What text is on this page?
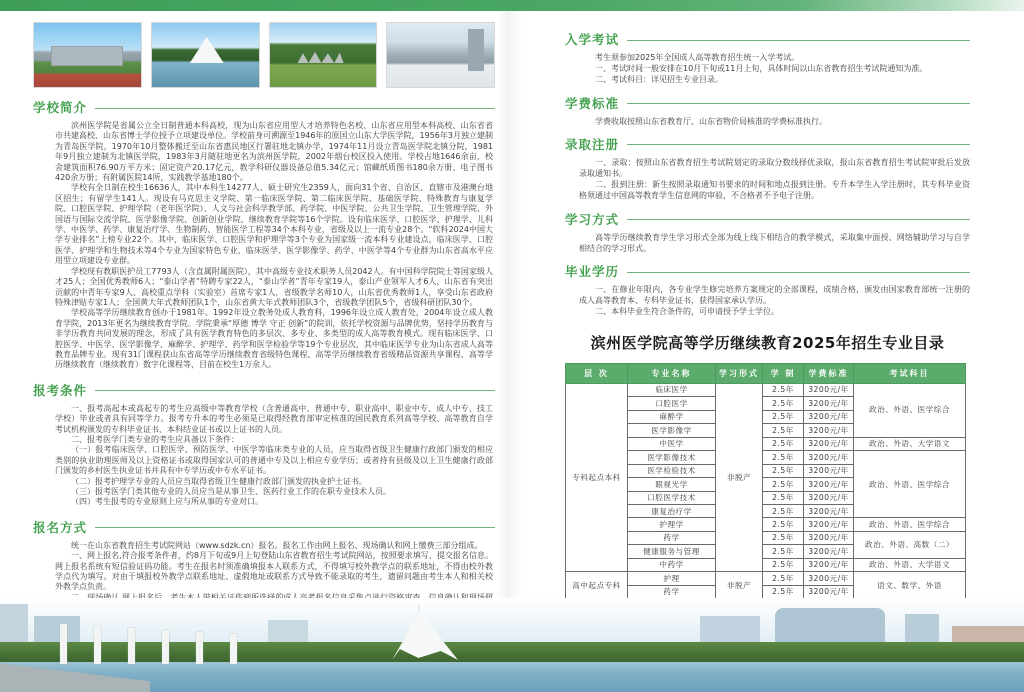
学校简介

滨州医学院是省属公立全日制普通本科高校，现为山东省应用型人才培养特色名校、山东省应用型本科高校、山东省省市共建高校、山东省博士学位授予立项建设单位。学校前身可溯源至1946年的原国立山东大学医学院，1956年3月独立建制为青岛医学院，1970年10月整体搬迁至山东省惠民地区行署驻地北镇办学，1974年11月设立青岛医学院北镇分院，1981年9月独立建制为北镇医学院，1983年3月随驻地更名为滨州医学院，2002年烟台校区投入使用。学校占地1646余亩，校舍建筑面积76.90万平方米；固定资产20.17亿元，教学科研仪器设备总值5.34亿元；馆藏纸质图书180余万册、电子图书420余万册；有附属医院14所，实践教学基地180个。

学校有全日制在校生16636人，其中本科生14277人、硕士研究生2359人，面向31个省、自治区、直辖市及港澳台地区招生；有留学生141人。现设有马克思主义学院、第一临床医学院、第二临床医学院、基础医学院、特殊教育与康复学院、口腔医学院、护理学院（老年医学院）、人文与社会科学教学部、药学院、中医学院、公共卫生学院、卫生管理学院、外国语与国际交流学院、医学影像学院、创新创业学院、继续教育学院等16个学院。设有临床医学、口腔医学、护理学、儿科学、中医学、药学、康复治疗学、生物制药、智能医学工程等34个本科专业，省级及以上一流专业28个。“软科2024中国大学专业排名”上榜专业22个。其中，临床医学、口腔医学和护理学等3个专业为国家级一流本科专业建设点，临床医学、口腔医学、护理学和生物技术等4个专业为国家特色专业，临床医学、医学影像学、药学、中医学等4个专业群为山东省高水平应用型立项建设专业群。

学校现有教职医护员工7793人（含直属附属医院），其中高级专业技术职务人员2042人。有中国科学院院士等国家级人才25人；全国优秀教师6人；“泰山学者”特聘专家22人，“泰山学者”青年专家19人，泰山产业领军人才6人，山东省有突出贡献的中青年专家9人、高校重点学科（实验室）首席专家1人，省级教学名师10人，山东省优秀教师1人，享受山东省政府特殊津贴专家1人；全国黄大年式教师团队1个，山东省黄大年式教师团队3个，省级教学团队5个，省级科研团队30个。

学校高等学历继续教育创办于1981年。1992年设立教务处成人教育科，1996年设立成人教育处，2004年设立成人教育学院，2013年更名为继续教育学院。学院秉承“厚德 博学 守正 创新”的院训，依托学校资源与品牌优势，坚持学历教育与非学历教育共同发展的理念，形成了具有医学教育特色的多层次、多专业、多类型的成人高等教育模式。现有临床医学、口腔医学、中医学、医学影像学、麻醉学、护理学、药学和医学检验学等19个专业层次，其中临床医学专业为山东省成人高等教育品牌专业。现有31门课程获山东省高等学历继续教育省级特色课程、高等学历继续教育省级精品资源共享课程、高等学历继续教育（继续教育）数字化课程等，目前在校生1万余人。

报考条件

一、报考高起本或高起专的考生应高级中等教育学校（含普通高中、普通中专、职业高中、职业中专、成人中专、技工学校）毕业或者具有同等学力。报考专升本的考生必须是已取得经教育部审定核准的国民教育系列高等学校、高等教育自学考试机构颁发的专科毕业证书、本科结业证书或以上证书的人员。

二、报考医学门类专业的考生应具备以下条件：

（一）报考临床医学、口腔医学、预防医学、中医学等临床类专业的人员，应当取得省级卫生健康行政部门颁发的相应类别的执业助理医师及以上资格证书或取得国家认可的普通中专及以上相应专业学历；或者持有县级及以上卫生健康行政部门颁发的乡村医生执业证书并具有中专学历或中专水平证书。

（二）报考护理学专业的人员应当取得省级卫生健康行政部门颁发的执业护士证书。

（三）报考医学门类其他专业的人员应当是从事卫生、医药行业工作的在职专业技术人员。

（四）考生报考的专业原则上应与所从事的专业对口。

报名方式

统一在山东省教育招生考试院网站（www.sdzk.cn）报名。报名工作由网上报名、现场确认和网上缴费三部分组成。

一、网上报名,符合报考条件者，约8月下旬或9月上旬登陆山东省教育招生考试院网站，按照要求填写、提交报名信息。网上报名系统有短信验证码功能。考生在报名时须准确填报本人联系方式，不得填写校外教学点的联系地址，不得由校外教学点代为填写。对由于填报校外教学点联系地址、虚假地址或联系方式导致不能录取的考生，遗留问题由考生本人和相关校外教学点负责。

入学考试

考生须参加2025年全国成人高等教育招生统一入学考试。

一、考试时间一般安排在10月下旬或11月上旬，具体时间以山东省教育招生考试院通知为准。

二、考试科目：详见招生专业目录。

学费标准

学费收取按照山东省教育厅、山东省物价局核准的学费标准执行。

录取注册

一、录取：按照山东省教育招生考试院划定的录取分数线择优录取，报山东省教育招生考试院审批后发放录取通知书。

二、报到注册：新生按照录取通知书要求的时间和地点报到注册。专升本学生入学注册时，其专科毕业资格须通过中国高等教育学生信息网的审验，不合格者不予电子注册。

学习方式

高等学历继续教育学生学习形式全部为线上线下相结合的教学模式，采取集中面授、网络辅助学习与自学相结合的学习形式。

毕业学历

一、在修业年限内，各专业学生修完培养方案规定的全部课程，成绩合格，颁发由国家教育部统一注册的成人高等教育本、专科毕业证书，获得国家承认学历。

二、本科毕业生符合条件的，可申请授予学士学位。

滨州医学院高等学历继续教育2025年招生专业目录
层 次	专业名称	学习形式	学 制	学费标准	考试科目
专科起点本科	临床医学	非脱产	2.5年	3200元/年	政治、外语、医学综合
	口腔医学		2.5年	3200元/年	
	麻醉学		2.5年	3200元/年	
	医学影像学		2.5年	3200元/年	
	中医学		2.5年	3200元/年	政治、外语、大学语文
	医学影像技术		2.5年	3200元/年	政治、外语、医学综合
	医学检验技术		2.5年	3200元/年	
	眼视光学		2.5年	3200元/年	
	口腔医学技术		2.5年	3200元/年	
	康复治疗学		2.5年	3200元/年	
	护理学		2.5年	3200元/年	政治、外语、医学综合
	药学		2.5年	3200元/年	政治、外语、高数（二）
	健康服务与管理		2.5年	3200元/年	
	中药学		2.5年	3200元/年	政治、外语、大学语文
高中起点专科	护理	非脱产	2.5年	3200元/年	语文、数学、外语
	药学		2.5年	3200元/年	
